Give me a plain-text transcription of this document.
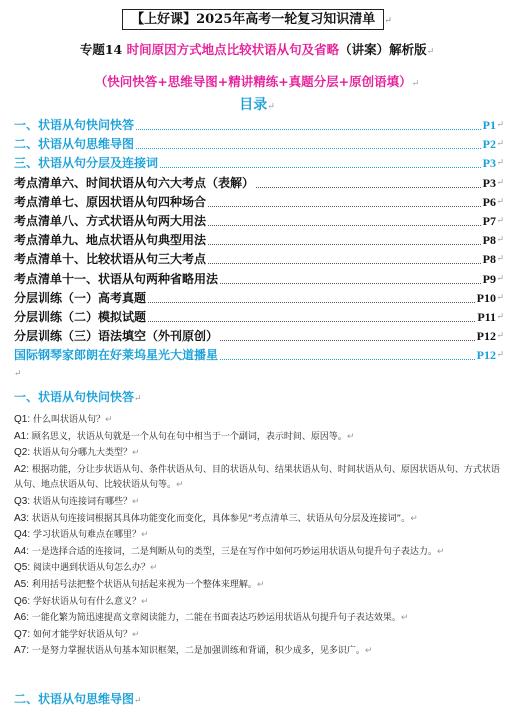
【上好课】2025年高考一轮复习知识清单 ↵
专题14 时间原因方式地点比较状语从句及省略（讲案）解析版↵
（快问快答+思维导图+精讲精练+真题分层+原创语填）↵
目录↵
一、状语从句快问快答	P1 ↵
二、状语从句思维导图	P2 ↵
三、状语从句分层及连接词	P3 ↵
考点清单六、时间状语从句六大考点（表解）	P3 ↵
考点清单七、原因状语从句四种场合	P6 ↵
考点清单八、方式状语从句两大用法	P7 ↵
考点清单九、地点状语从句典型用法	P8 ↵
考点清单十、比较状语从句三大考点	P8 ↵
考点清单十一、状语从句两种省略用法	P9 ↵
分层训练（一）高考真题	P10 ↵
分层训练（二）模拟试题	P11 ↵
分层训练（三）语法填空（外刊原创）	P12 ↵
国际钢琴家郎朗在好莱坞星光大道播星	P12 ↵
↵
一、状语从句快问快答↵

Q1: 什么叫状语从句？↵

A1: 顾名思义，状语从句就是一个从句在句中相当于一个副词，表示时间、原因等。↵

Q2: 状语从句分哪九大类型？↵

A2: 根据功能，分让步状语从句、条件状语从句、目的状语从句、结果状语从句、时间状语从句、原因状语从句、方式状语从句、地点状语从句、比较状语从句等。↵

Q3: 状语从句连接词有哪些？↵

A3: 状语从句连接词根据其具体功能变化而变化，具体参见“考点清单三、状语从句分层及连接词”。↵

Q4: 学习状语从句难点在哪里？↵

A4: 一是选择合适的连接词，二是判断从句的类型，三是在写作中如何巧妙运用状语从句提升句子表达力。↵

Q5: 阅读中遇到状语从句怎么办？↵

A5: 利用括号法把整个状语从句括起来视为一个整体来理解。↵

Q6: 学好状语从句有什么意义？↵

A6: 一能化繁为简迅速提高文章阅读能力，二能在书面表达巧妙运用状语从句提升句子表达效果。↵

Q7: 如何才能学好状语从句？↵

A7: 一是努力掌握状语从句基本知识框架，二是加强训练和背诵，积少成多，见多识广。↵

二、状语从句思维导图↵
